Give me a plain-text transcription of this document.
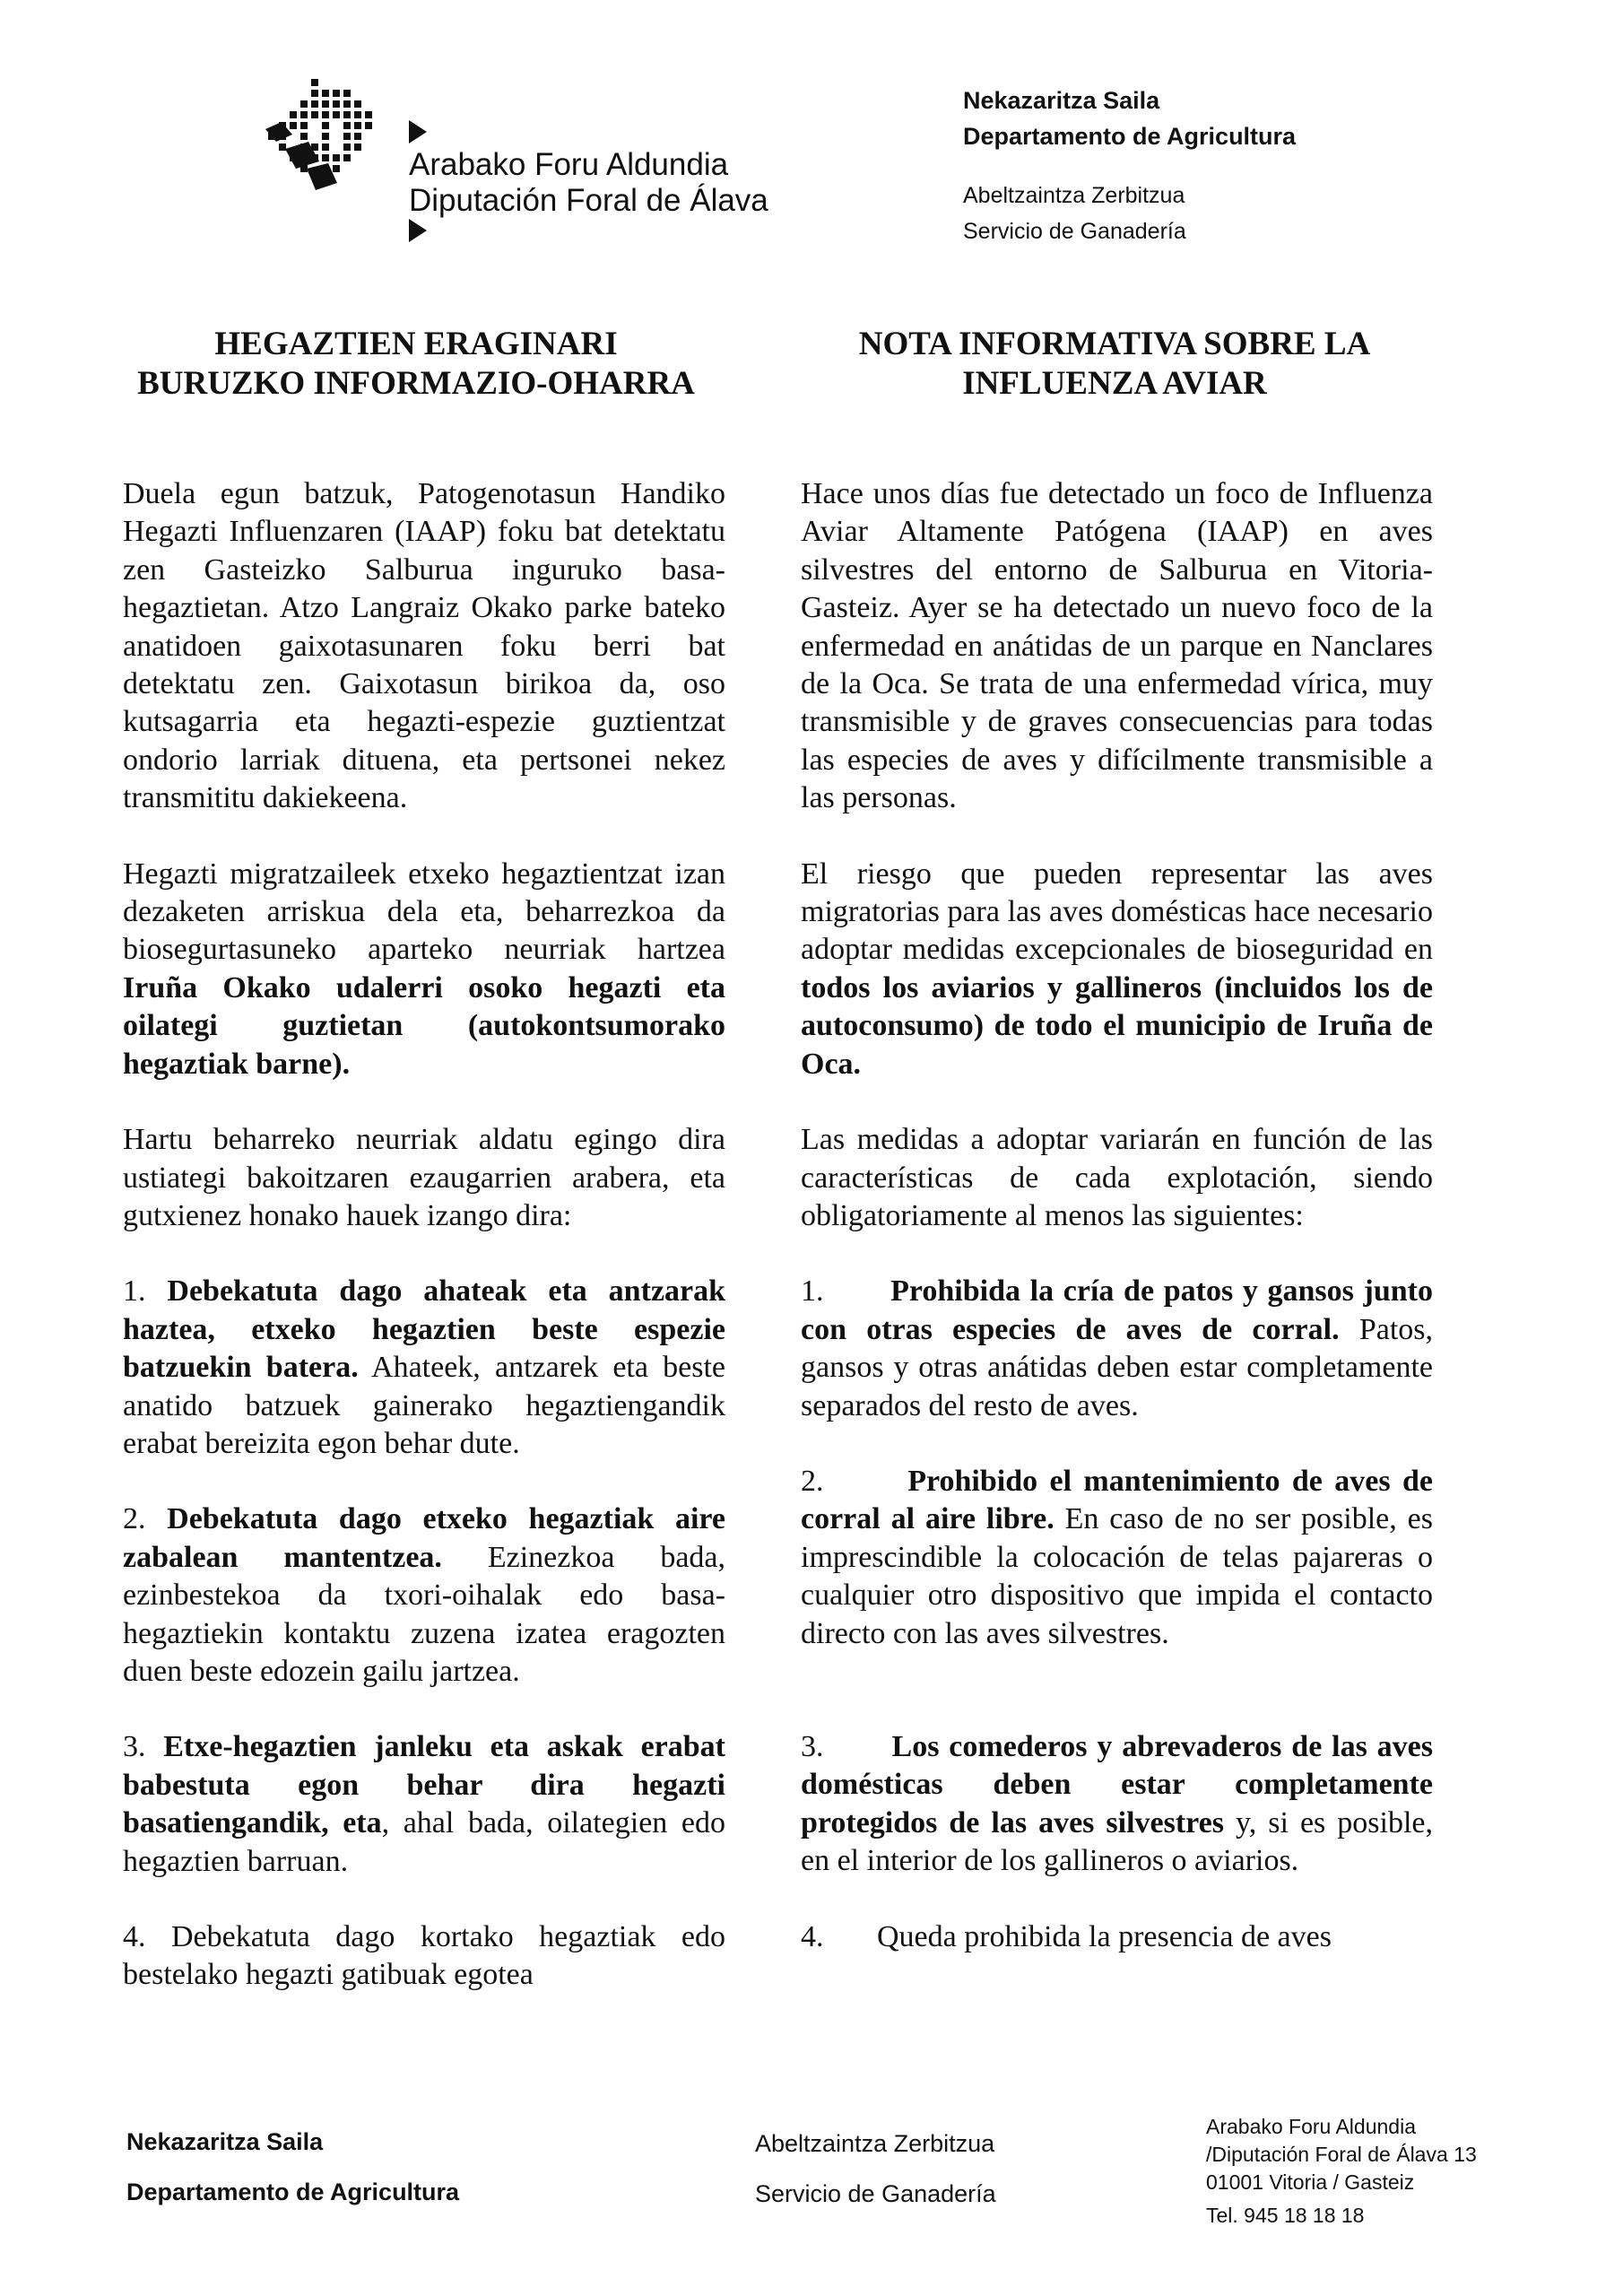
Arabako Foru Aldundia
Diputación Foral de Álava
Nekazaritza Saila
Departamento de Agricultura
Abeltzaintza Zerbitzua
Servicio de Ganadería
HEGAZTIEN ERAGINARI
BURUZKO INFORMAZIO-OHARRA
NOTA INFORMATIVA SOBRE LA
INFLUENZA AVIAR

Duela egun batzuk, Patogenotasun Handiko Hegazti Influenzaren (IAAP) foku bat detektatu zen Gasteizko Salburua inguruko basa-hegaztietan. Atzo Langraiz Okako parke bateko anatidoen gaixotasunaren foku berri bat detektatu zen. Gaixotasun birikoa da, oso kutsagarria eta hegazti-espezie guztientzat ondorio larriak dituena, eta pertsonei nekez transmititu dakiekeena.

Hegazti migratzaileek etxeko hegaztientzat izan dezaketen arriskua dela eta, beharrezkoa da biosegurtasuneko aparteko neurriak hartzea Iruña Okako udalerri osoko hegazti eta oilategi guztietan (autokontsumorako hegaztiak barne).

Hartu beharreko neurriak aldatu egingo dira ustiategi bakoitzaren ezaugarrien arabera, eta gutxienez honako hauek izango dira:

1. Debekatuta dago ahateak eta antzarak haztea, etxeko hegaztien beste espezie batzuekin batera. Ahateek, antzarek eta beste anatido batzuek gainerako hegaztiengandik erabat bereizita egon behar dute.

2. Debekatuta dago etxeko hegaztiak aire zabalean mantentzea. Ezinezkoa bada, ezinbestekoa da txori-oihalak edo basa-hegaztiekin kontaktu zuzena izatea eragozten duen beste edozein gailu jartzea.

3. Etxe-hegaztien janleku eta askak erabat babestuta egon behar dira hegazti basatiengandik, eta, ahal bada, oilategien edo hegaztien barruan.

4. Debekatuta dago kortako hegaztiak edo bestelako hegazti gatibuak egotea

Hace unos días fue detectado un foco de Influenza Aviar Altamente Patógena (IAAP) en aves silvestres del entorno de Salburua en Vitoria-Gasteiz. Ayer se ha detectado un nuevo foco de la enfermedad en anátidas de un parque en Nanclares de la Oca. Se trata de una enfermedad vírica, muy transmisible y de graves consecuencias para todas las especies de aves y difícilmente transmisible a las personas.

El riesgo que pueden representar las aves migratorias para las aves domésticas hace necesario adoptar medidas excepcionales de bioseguridad en todos los aviarios y gallineros (incluidos los de autoconsumo) de todo el municipio de Iruña de Oca.

Las medidas a adoptar variarán en función de las características de cada explotación, siendo obligatoriamente al menos las siguientes:

1.       Prohibida la cría de patos y gansos junto con otras especies de aves de corral. Patos, gansos y otras anátidas deben estar completamente separados del resto de aves.

2.       Prohibido el mantenimiento de aves de corral al aire libre. En caso de no ser posible, es imprescindible la colocación de telas pajareras o cualquier otro dispositivo que impida el contacto directo con las aves silvestres.

3.       Los comederos y abrevaderos de las aves domésticas deben estar completamente protegidos de las aves silvestres y, si es posible, en el interior de los gallineros o aviarios.

4.       Queda prohibida la presencia de aves

Nekazaritza Saila
Departamento de Agricultura
Abeltzaintza Zerbitzua
Servicio de Ganadería
Arabako Foru Aldundia
/Diputación Foral de Álava 13
01001 Vitoria / Gasteiz
Tel. 945 18 18 18
